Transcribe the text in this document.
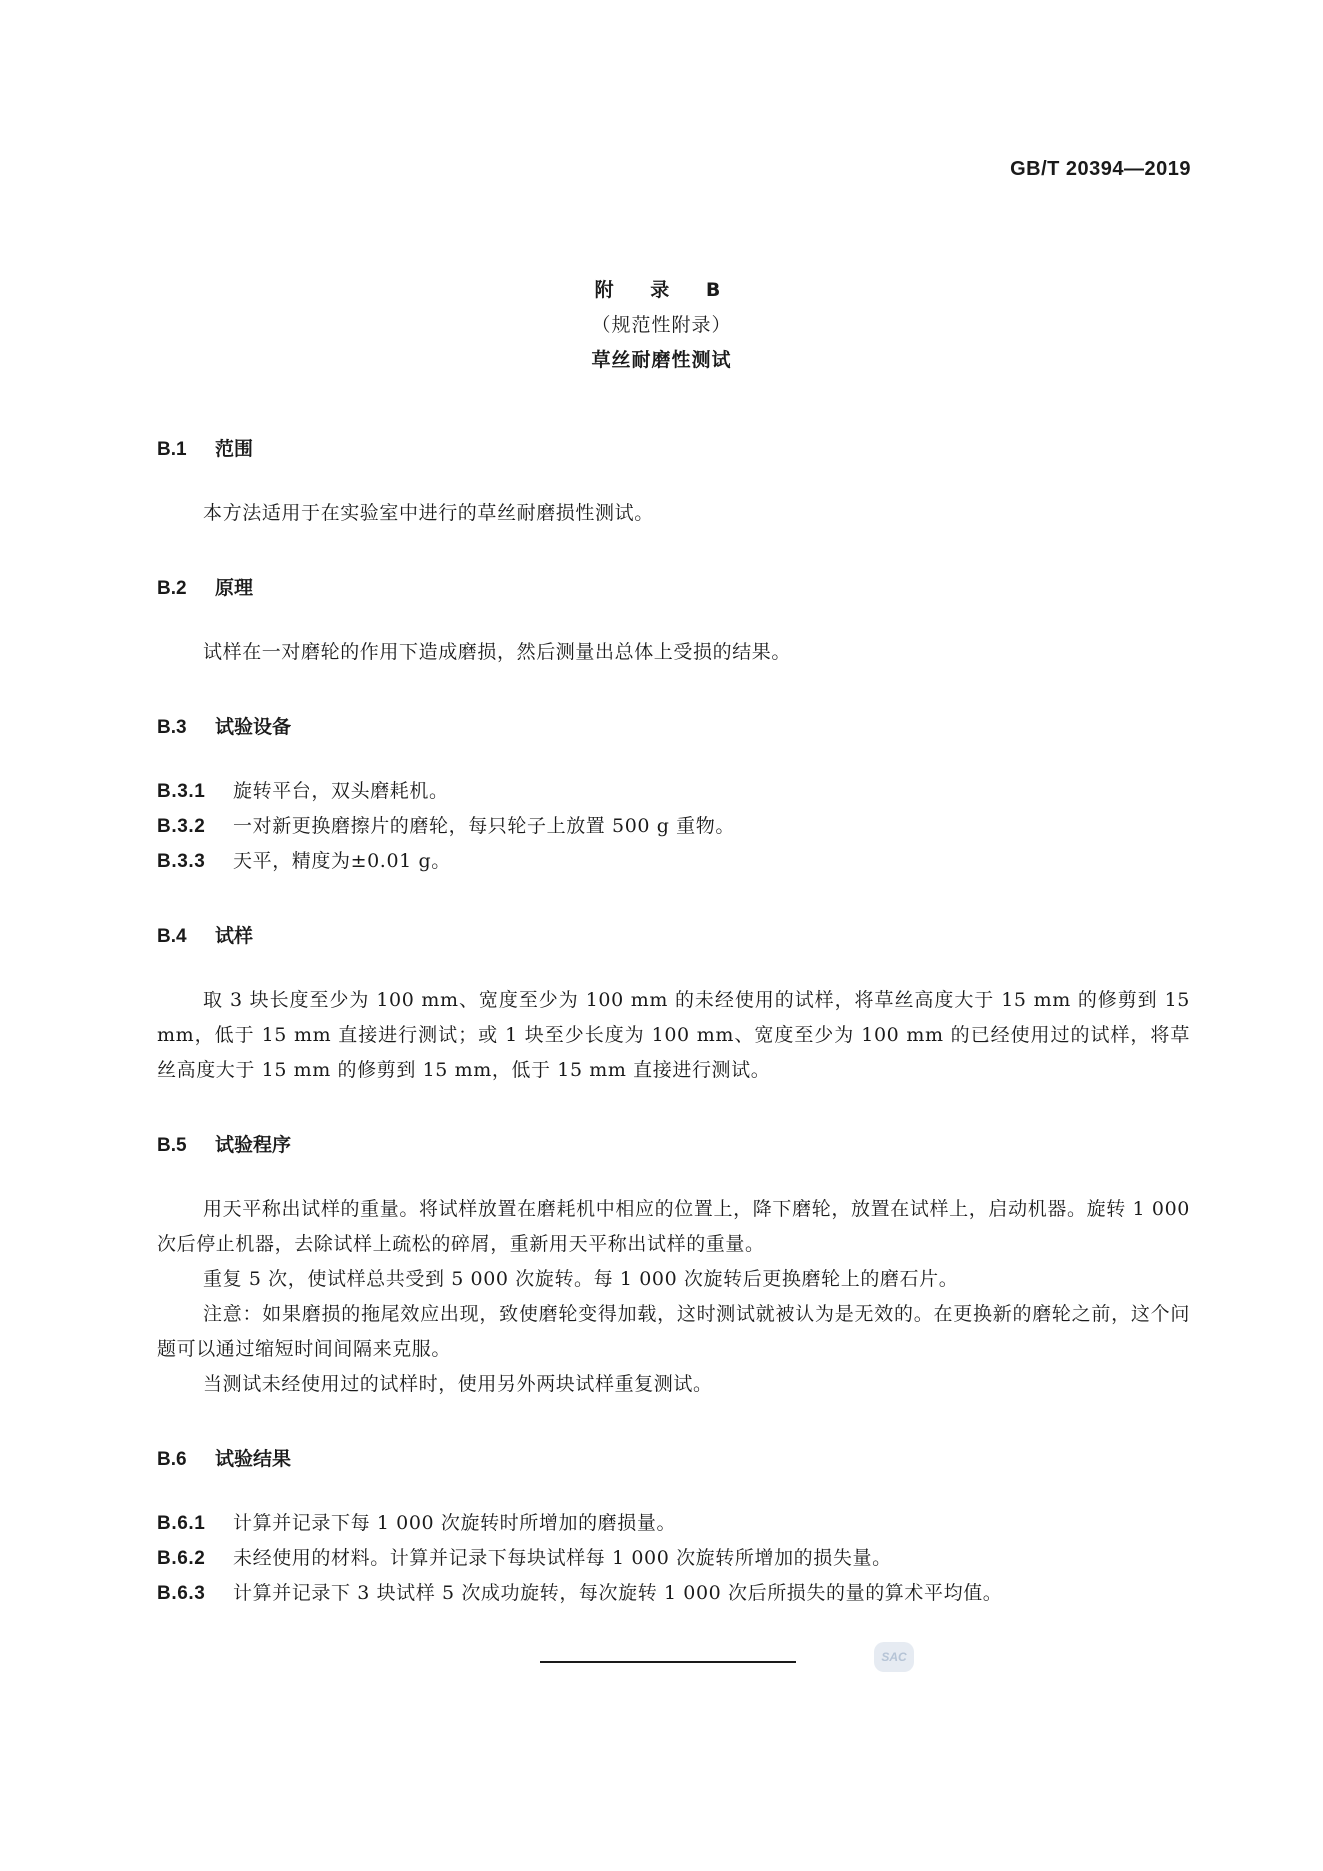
GB/T 20394—2019
附 录 B
（规范性附录）
草丝耐磨性测试
B.1 范围
本方法适用于在实验室中进行的草丝耐磨损性测试。
B.2 原理
试样在一对磨轮的作用下造成磨损，然后测量出总体上受损的结果。
B.3 试验设备
B.3.1 旋转平台，双头磨耗机。
B.3.2 一对新更换磨擦片的磨轮，每只轮子上放置 500 g 重物。
B.3.3 天平，精度为±0.01 g。
B.4 试样
取 3 块长度至少为 100 mm、宽度至少为 100 mm 的未经使用的试样，将草丝高度大于 15 mm 的修剪到 15 mm，低于 15 mm 直接进行测试；或 1 块至少长度为 100 mm、宽度至少为 100 mm 的已经使用过的试样，将草丝高度大于 15 mm 的修剪到 15 mm，低于 15 mm 直接进行测试。
B.5 试验程序
用天平称出试样的重量。将试样放置在磨耗机中相应的位置上，降下磨轮，放置在试样上，启动机器。旋转 1 000 次后停止机器，去除试样上疏松的碎屑，重新用天平称出试样的重量。
重复 5 次，使试样总共受到 5 000 次旋转。每 1 000 次旋转后更换磨轮上的磨石片。
注意：如果磨损的拖尾效应出现，致使磨轮变得加载，这时测试就被认为是无效的。在更换新的磨轮之前，这个问题可以通过缩短时间间隔来克服。
当测试未经使用过的试样时，使用另外两块试样重复测试。
B.6 试验结果
B.6.1 计算并记录下每 1 000 次旋转时所增加的磨损量。
B.6.2 未经使用的材料。计算并记录下每块试样每 1 000 次旋转所增加的损失量。
B.6.3 计算并记录下 3 块试样 5 次成功旋转，每次旋转 1 000 次后所损失的量的算术平均值。
SAC
